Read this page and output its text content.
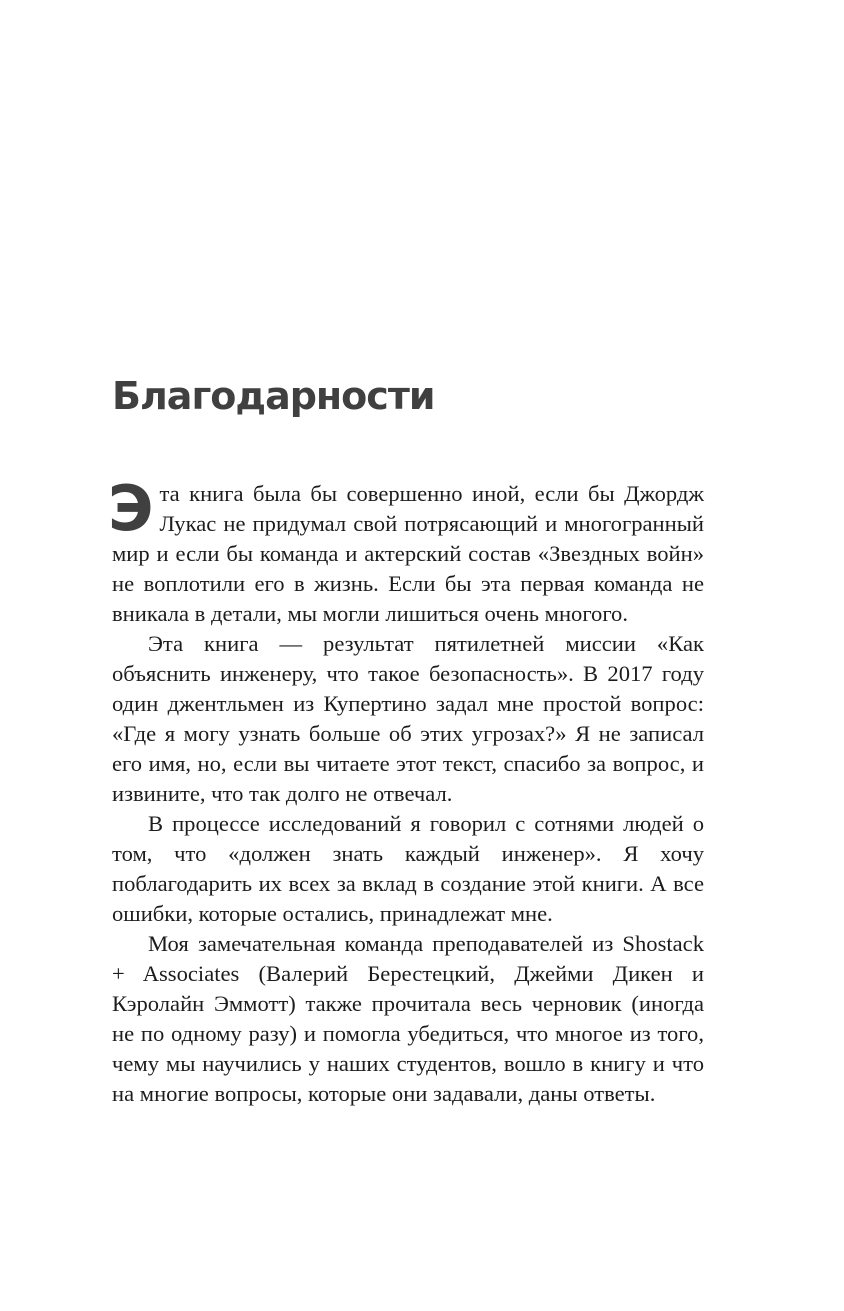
Благодарности

Эта книга была бы совершенно иной, если бы Джордж Лукас не придумал свой потрясающий и многогранный мир и если бы команда и актерский состав «Звездных войн» не воплотили его в жизнь. Если бы эта первая команда не вникала в детали, мы могли лишиться очень многого.

Эта книга — результат пятилетней миссии «Как объяснить инженеру, что такое безопасность». В 2017 году один джентльмен из Купертино задал мне простой вопрос: «Где я могу узнать больше об этих угрозах?» Я не записал его имя, но, если вы читаете этот текст, спасибо за вопрос, и извините, что так долго не отвечал.

В процессе исследований я говорил с сотнями людей о том, что «должен знать каждый инженер». Я хочу поблагодарить их всех за вклад в создание этой книги. А все ошибки, которые остались, принадлежат мне.

Моя замечательная команда преподавателей из Shostack + Associates (Валерий Берестецкий, Джейми Дикен и Кэролайн Эммотт) также прочитала весь черновик (иногда не по одному разу) и помогла убедиться, что многое из того, чему мы научились у наших студентов, вошло в книгу и что на многие вопросы, которые они задавали, даны ответы.
